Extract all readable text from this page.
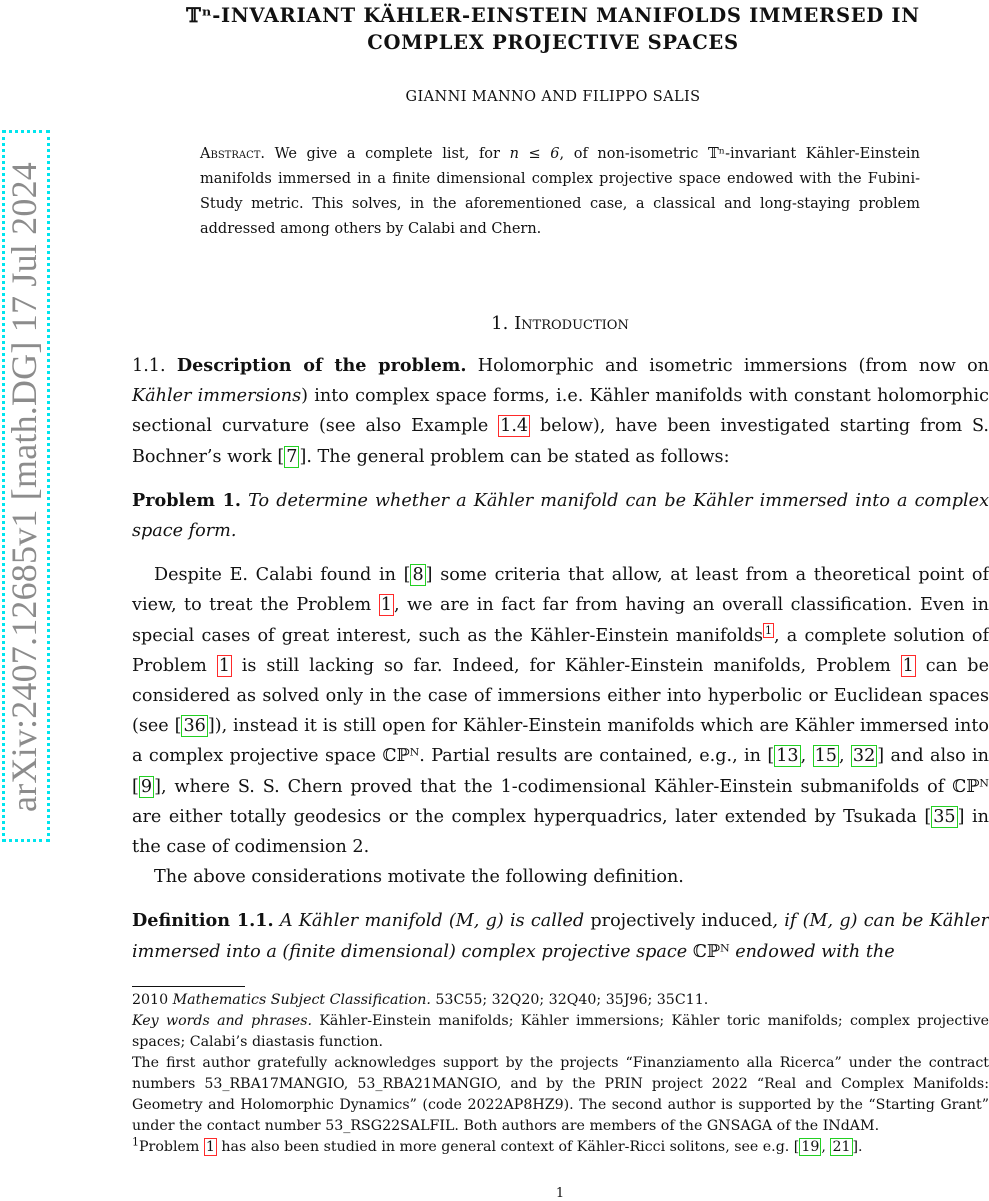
arXiv:2407.12685v1 [math.DG] 17 Jul 2024
𝕋ⁿ-INVARIANT KÄHLER-EINSTEIN MANIFOLDS IMMERSED IN
COMPLEX PROJECTIVE SPACES
GIANNI MANNO AND FILIPPO SALIS
Abstract. We give a complete list, for n ≤ 6, of non-isometric 𝕋ⁿ-invariant Kähler-Einstein manifolds immersed in a finite dimensional complex projective space endowed with the Fubini-Study metric. This solves, in the aforementioned case, a classical and long-staying problem addressed among others by Calabi and Chern.
1. Introduction

1.1. Description of the problem. Holomorphic and isometric immersions (from now on Kähler immersions) into complex space forms, i.e. Kähler manifolds with constant holomorphic sectional curvature (see also Example 1.4 below), have been investigated starting from S. Bochner’s work [ 7 ]. The general problem can be stated as follows:

Problem 1. To determine whether a Kähler manifold can be Kähler immersed into a complex space form.

Despite E. Calabi found in [ 8 ] some criteria that allow, at least from a theoretical point of view, to treat the Problem 1 , we are in fact far from having an overall classification. Even in special cases of great interest, such as the Kähler-Einstein manifolds $^1$ , a complete solution of Problem 1 is still lacking so far. Indeed, for Kähler-Einstein manifolds, Problem 1 can be considered as solved only in the case of immersions either into hyperbolic or Euclidean spaces (see [ 36 ]), instead it is still open for Kähler-Einstein manifolds which are Kähler immersed into a complex projective space ℂℙᴺ. Partial results are contained, e.g., in [ 13 , 15 , 32 ] and also in [ 9 ], where S. S. Chern proved that the 1-codimensional Kähler-Einstein submanifolds of ℂℙᴺ are either totally geodesics or the complex hyperquadrics, later extended by Tsukada [ 35 ] in the case of codimension 2.

The above considerations motivate the following definition.

Definition 1.1. A Kähler manifold (M, g) is called projectively induced, if (M, g) can be Kähler immersed into a (finite dimensional) complex projective space ℂℙᴺ endowed with the

2010 Mathematics Subject Classification. 53C55; 32Q20; 32Q40; 35J96; 35C11.
Key words and phrases. Kähler-Einstein manifolds; Kähler immersions; Kähler toric manifolds; complex projective spaces; Calabi’s diastasis function.
The first author gratefully acknowledges support by the projects “Finanziamento alla Ricerca” under the contract numbers 53_RBA17MANGIO, 53_RBA21MANGIO, and by the PRIN project 2022 “Real and Complex Manifolds: Geometry and Holomorphic Dynamics” (code 2022AP8HZ9). The second author is supported by the “Starting Grant” under the contact number 53_RSG22SALFIL. Both authors are members of the GNSAGA of the INdAM.
$^1$Problem 1 has also been studied in more general context of Kähler-Ricci solitons, see e.g. [ 19 , 21 ].
1
